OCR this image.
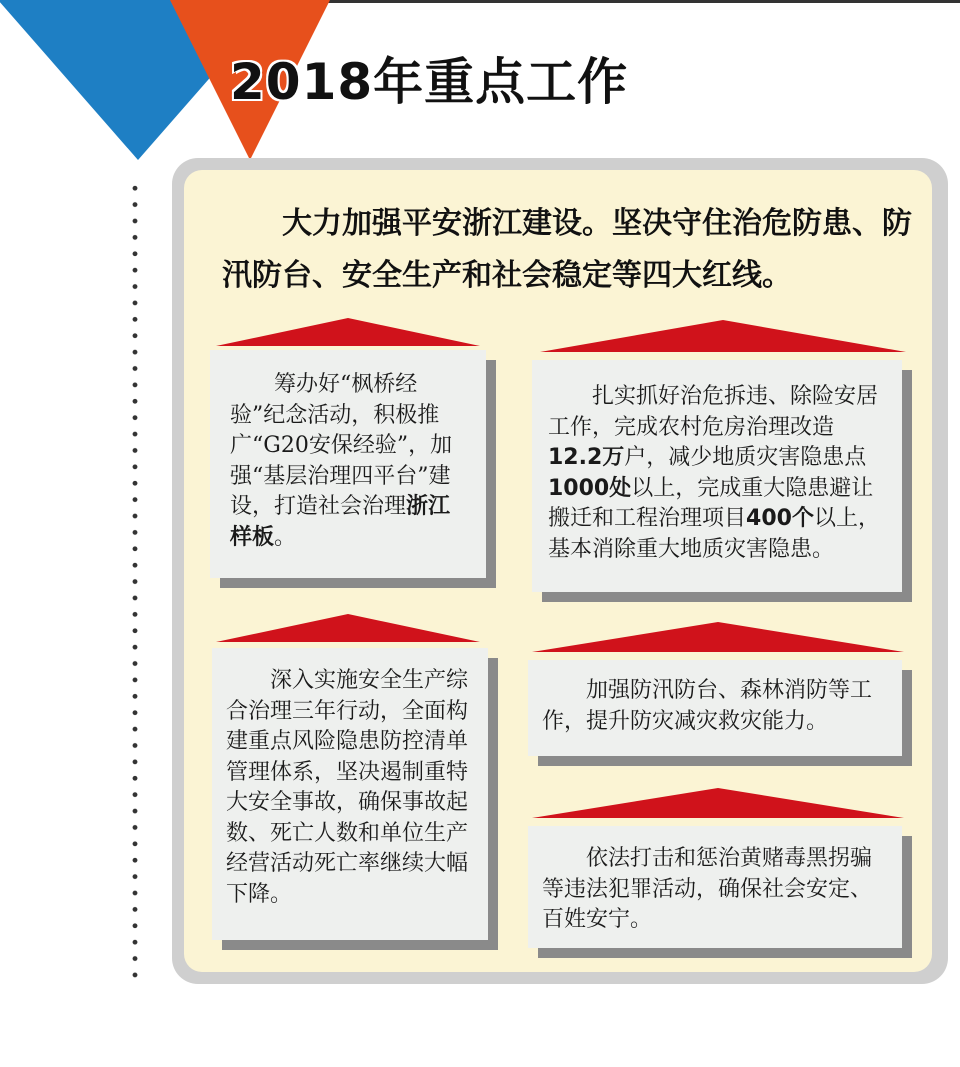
2018年重点工作
大力加强平安浙江建设。坚决守住治危防患、防汛防台、安全生产和社会稳定等四大红线。

筹办好“枫桥经验”纪念活动，积极推广“G20安保经验”，加强“基层治理四平台”建设，打造社会治理浙江样板。

扎实抓好治危拆违、除险安居工作，完成农村危房治理改造12.2万户，减少地质灾害隐患点1000处以上，完成重大隐患避让搬迁和工程治理项目400个以上，基本消除重大地质灾害隐患。

深入实施安全生产综合治理三年行动，全面构建重点风险隐患防控清单管理体系，坚决遏制重特大安全事故，确保事故起数、死亡人数和单位生产经营活动死亡率继续大幅下降。

加强防汛防台、森林消防等工作，提升防灾减灾救灾能力。

依法打击和惩治黄赌毒黑拐骗等违法犯罪活动，确保社会安定、百姓安宁。
